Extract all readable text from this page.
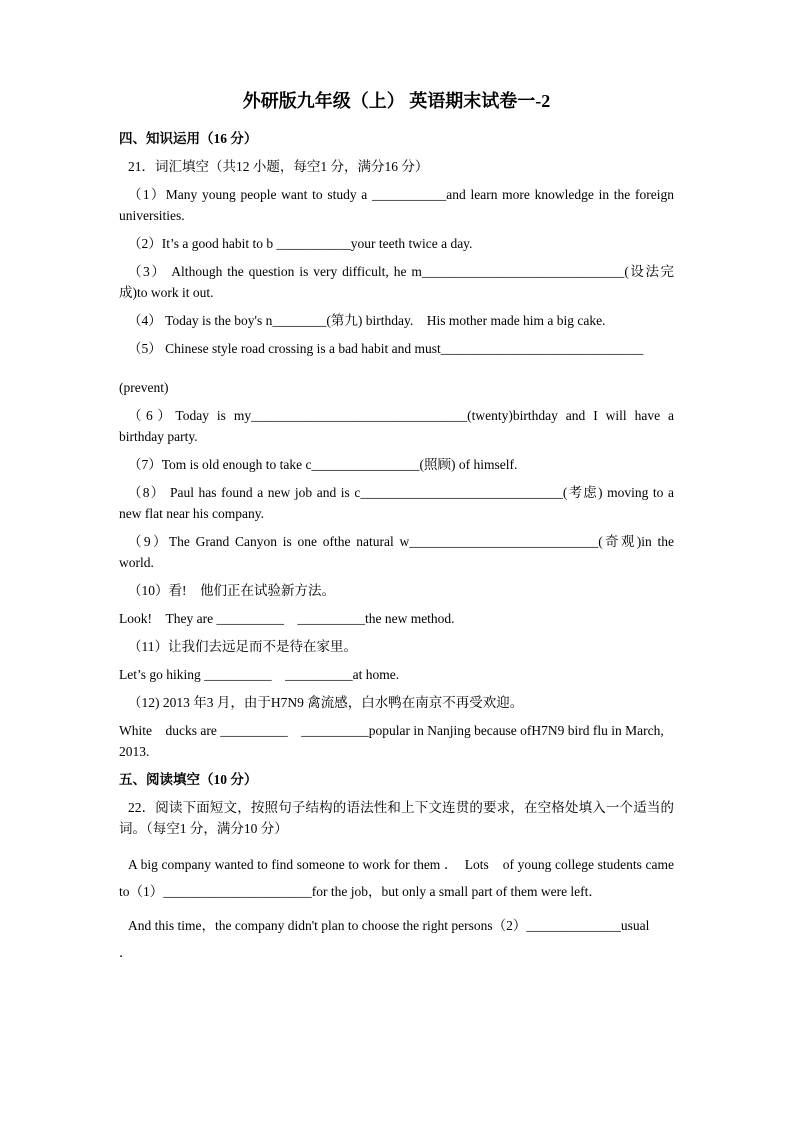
外研版九年级（上） 英语期末试卷一-2

四、知识运用（16 分）

21．词汇填空（共12 小题，每空1 分，满分16 分）

（1）Many young people want to study a ___________and learn more knowledge in the foreign universities.

（2）It’s a good habit to b ___________your teeth twice a day.

（3） Although the question is very difficult, he m______________________________(设法完成)to work it out.

（4） Today is the boy's n________(第九) birthday.　His mother made him a big cake.

（5） Chinese style road crossing is a bad habit and must______________________________

(prevent)

（6）Today is my________________________________(twenty)birthday and I will have a birthday party.

（7）Tom is old enough to take c________________(照顾) of himself.

（8） Paul has found a new job and is c______________________________(考虑) moving to a new flat near his company.

（9）The Grand Canyon is one ofthe natural w____________________________(奇观)in the world.

（10）看!　他们正在试验新方法。

Look!　They are __________　__________the new method.

（11）让我们去远足而不是待在家里。

Let’s go hiking __________　__________at home.

（12) 2013 年3 月，由于H7N9 禽流感，白水鸭在南京不再受欢迎。

White　ducks are __________　__________popular in Nanjing because ofH7N9 bird flu in March, 2013.

五、阅读填空（10 分）

22．阅读下面短文，按照句子结构的语法性和上下文连贯的要求，在空格处填入一个适当的词。（每空1 分，满分10 分）

A big company wanted to find someone to work for them ．　Lots　of young college students came to（1）______________________for the job，but only a small part of them were left．

And this time，the company didn't plan to choose the right persons（2）______________usual

．
